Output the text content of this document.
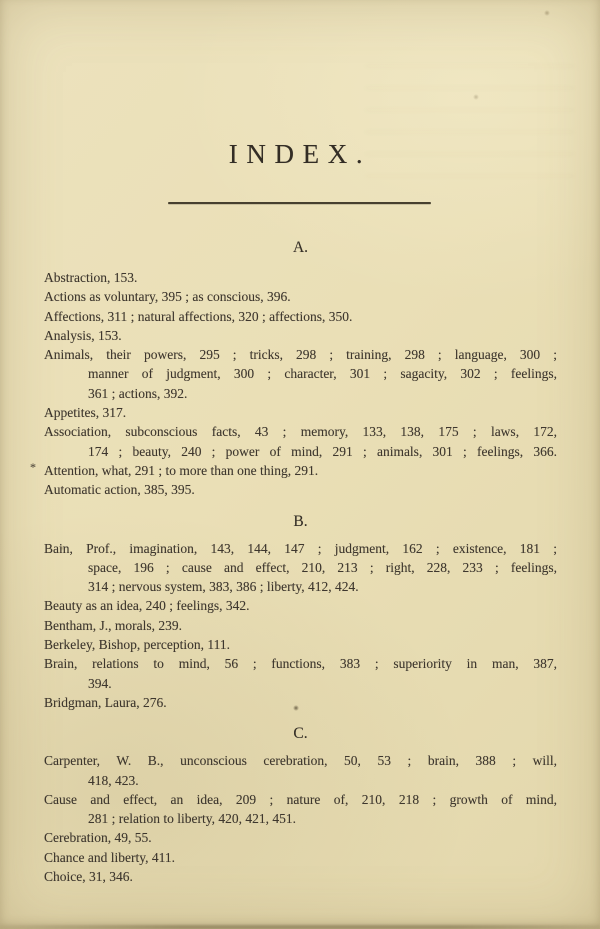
INDEX.
A.
Abstraction, 153.
Actions as voluntary, 395 ; as conscious, 396.
Affections, 311 ; natural affections, 320 ; affections, 350.
Analysis, 153.
Animals, their powers, 295 ; tricks, 298 ; training, 298 ; language, 300 ;
manner of judgment, 300 ; character, 301 ; sagacity, 302 ; feelings,
361 ; actions, 392.
Appetites, 317.
Association, subconscious facts, 43 ; memory, 133, 138, 175 ; laws, 172,
174 ; beauty, 240 ; power of mind, 291 ; animals, 301 ; feelings, 366.
Attention, what, 291 ; to more than one thing, 291.
*
Automatic action, 385, 395.
B.
Bain, Prof., imagination, 143, 144, 147 ; judgment, 162 ; existence, 181 ;
space, 196 ; cause and effect, 210, 213 ; right, 228, 233 ; feelings,
314 ; nervous system, 383, 386 ; liberty, 412, 424.
Beauty as an idea, 240 ; feelings, 342.
Bentham, J., morals, 239.
Berkeley, Bishop, perception, 111.
Brain, relations to mind, 56 ; functions, 383 ; superiority in man, 387,
394.
Bridgman, Laura, 276.
C.
Carpenter, W. B., unconscious cerebration, 50, 53 ; brain, 388 ; will,
418, 423.
Cause and effect, an idea, 209 ; nature of, 210, 218 ; growth of mind,
281 ; relation to liberty, 420, 421, 451.
Cerebration, 49, 55.
Chance and liberty, 411.
Choice, 31, 346.
